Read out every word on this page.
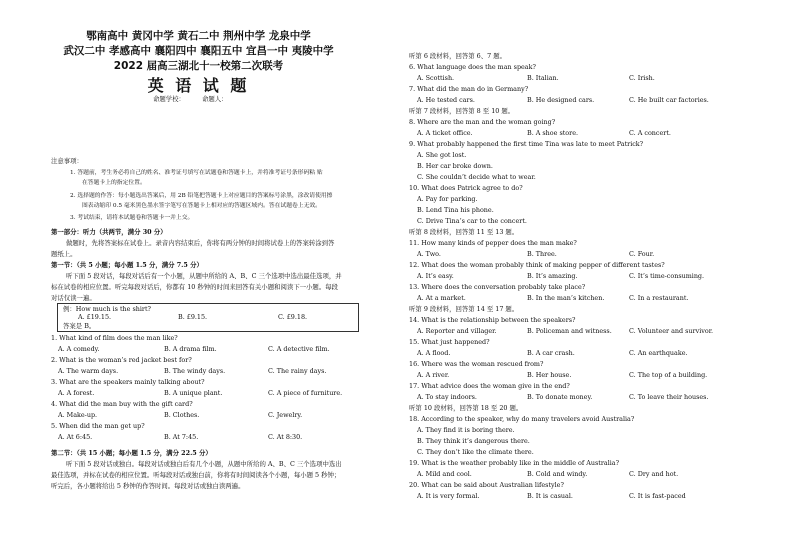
鄂南高中 黄冈中学 黄石二中 荆州中学 龙泉中学
武汉二中 孝感高中 襄阳四中 襄阳五中 宜昌一中 夷陵中学
2022 届高三湖北十一校第二次联考
英 语 试 题
命题学校：	命题人：
注意事项：
1. 答题前，考生务必将自己的姓名、准考证号填写在试题卷和答题卡上，并将准考证号条形码粘 贴
在答题卡上的指定位置。
2. 选择题的作答：每小题选出答案后，用 2B 铅笔把答题卡上对应题目的答案标号涂黑，涂改请使用擦
图表动缩印 0.5 毫米黑色墨水签字笔写在答题卡上相对应的答题区域内。答在试题卷上无效。
3. 考试结束，请将本试题卷和答题卡一并上交。
第一部分：听力（共两节，满分 30 分）
做题时，先将答案标在试卷上。录音内容结束后，你将有两分钟的时间将试卷上的答案转涂到答
题纸上。
第一节：（共 5 小题；每小题 1.5 分，满分 7.5 分）
听下面 5 段对话，每段对话后有一个小题，从题中所给的 A、B、C 三个选项中选出最佳选项，并
标在试卷的相应位置。听完每段对话后，你都有 10 秒钟的时间来回答有关小题和阅读下一小题。每段
对话仅读一遍。
例：How much is the shirt?
A. £19.15.	B. £9.15.	C. £9.18.
答案是 B。
1. What kind of film does the man like?
A. A comedy.	B. A drama film.	C. A detective film.
2. What is the woman’s red jacket best for?
A. The warm days.	B. The windy days.	C. The rainy days.
3. What are the speakers mainly talking about?
A. A forest.	B. A unique plant.	C. A piece of furniture.
4. What did the man buy with the gift card?
A. Make-up.	B. Clothes.	C. Jewelry.
5. When did the man get up?
A. At 6:45.	B. At 7:45.	C. At 8:30.
第二节：（共 15 小题；每小题 1.5 分，满分 22.5 分）
听下面 5 段对话或独白。每段对话或独白后有几个小题，从题中所给的 A、B、C 三个选项中选出
最佳选项，并标在试卷的相应位置。听每段对话或独白前，你将有时间阅读各个小题，每小题 5 秒钟；
听完后，各小题将给出 5 秒钟的作答时间。每段对话或独白读两遍。
听第 6 段材料，回答第 6、7 题。
6. What language does the man speak?
A. Scottish.	B. Italian.	C. Irish.
7. What did the man do in Germany?
A. He tested cars.	B. He designed cars.	C. He built car factories.
听第 7 段材料，回答第 8 至 10 题。
8. Where are the man and the woman going?
A. A ticket office.	B. A shoe store.	C. A concert.
9. What probably happened the first time Tina was late to meet Patrick?
A. She got lost.
B. Her car broke down.
C. She couldn’t decide what to wear.
10. What does Patrick agree to do?
A. Pay for parking.
B. Lend Tina his phone.
C. Drive Tina’s car to the concert.
听第 8 段材料，回答第 11 至 13 题。
11. How many kinds of pepper does the man make?
A. Two.	B. Three.	C. Four.
12. What does the woman probably think of making pepper of different tastes?
A. It’s easy.	B. It’s amazing.	C. It’s time-consuming.
13. Where does the conversation probably take place?
A. At a market.	B. In the man’s kitchen.	C. In a restaurant.
听第 9 段材料，回答第 14 至 17 题。
14. What is the relationship between the speakers?
A. Reporter and villager.	B. Policeman and witness.	C. Volunteer and survivor.
15. What just happened?
A. A flood.	B. A car crash.	C. An earthquake.
16. Where was the woman rescued from?
A. A river.	B. Her house.	C. The top of a building.
17. What advice does the woman give in the end?
A. To stay indoors.	B. To donate money.	C. To leave their houses.
听第 10 段材料，回答第 18 至 20 题。
18. According to the speaker, why do many travelers avoid Australia?
A. They find it is boring there.
B. They think it’s dangerous there.
C. They don’t like the climate there.
19. What is the weather probably like in the middle of Australia?
A. Mild and cool.	B. Cold and windy.	C. Dry and hot.
20. What can be said about Australian lifestyle?
A. It is very formal.	B. It is casual.	C. It is fast-paced
